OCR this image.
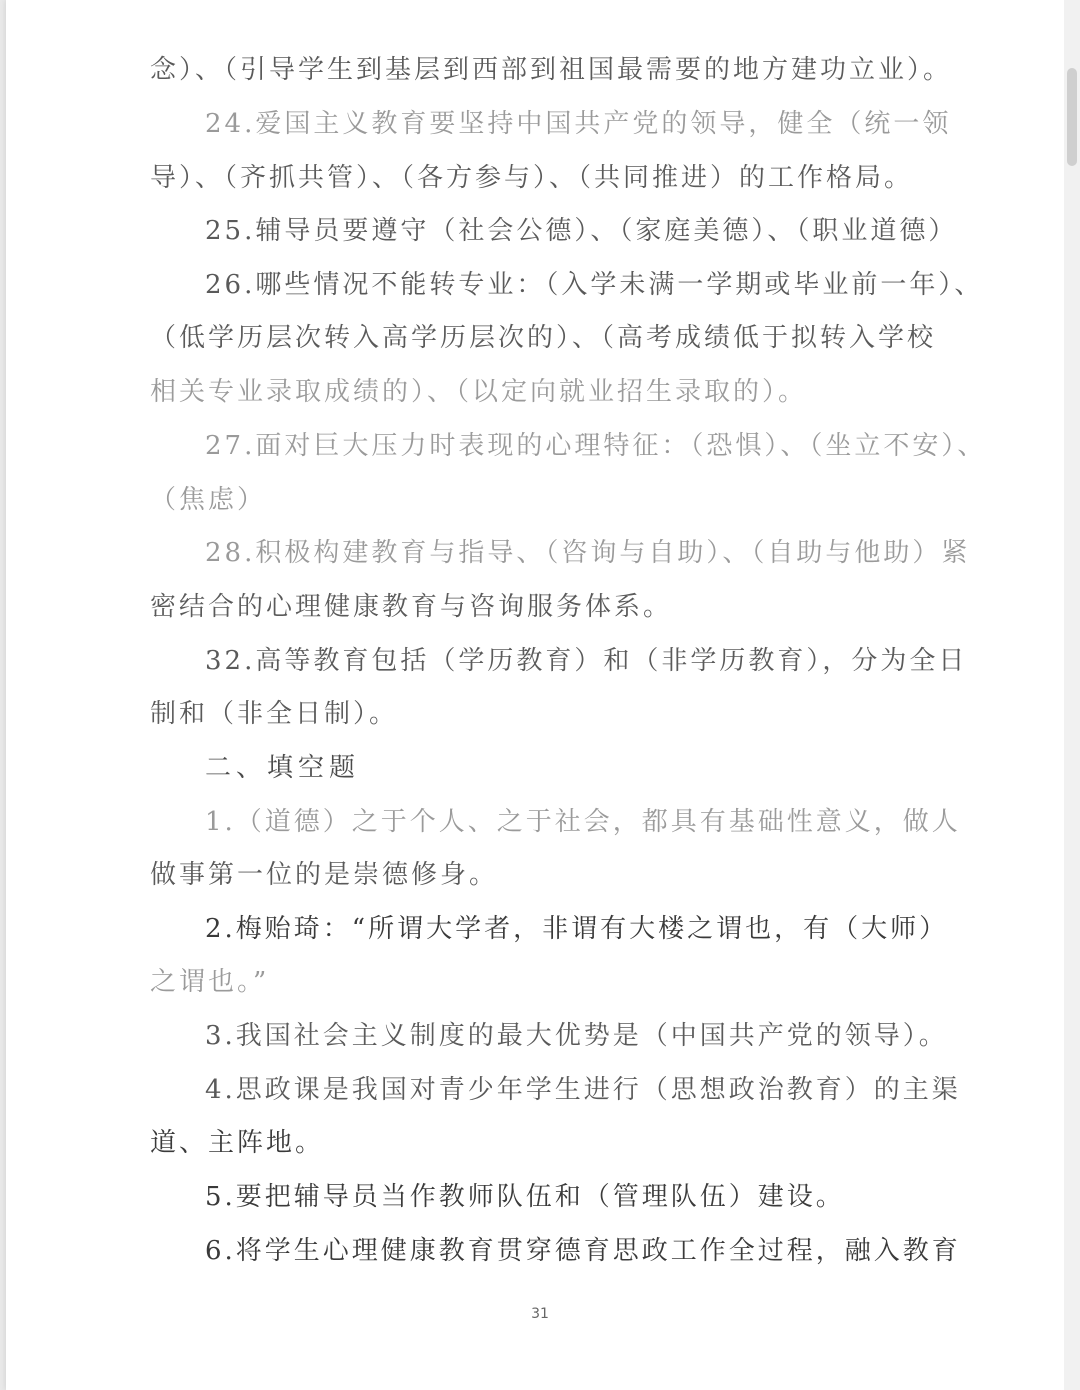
念）、（引导学生到基层到西部到祖国最需要的地方建功立业）。
24.爱国主义教育要坚持中国共产党的领导，健全（统一领
导）、（齐抓共管）、（各方参与）、（共同推进）的工作格局。
25.辅导员要遵守（社会公德）、（家庭美德）、（职业道德）
26.哪些情况不能转专业：（入学未满一学期或毕业前一年）、
（低学历层次转入高学历层次的）、（高考成绩低于拟转入学校
相关专业录取成绩的）、（以定向就业招生录取的）。
27.面对巨大压力时表现的心理特征：（恐惧）、（坐立不安）、
（焦虑）
28.积极构建教育与指导、（咨询与自助）、（自助与他助）紧
密结合的心理健康教育与咨询服务体系。
32.高等教育包括（学历教育）和（非学历教育），分为全日
制和（非全日制）。
二、填空题
1.（道德）之于个人、之于社会，都具有基础性意义，做人
做事第一位的是崇德修身。
2.梅贻琦：“所谓大学者，非谓有大楼之谓也，有（大师）
之谓也。”
3.我国社会主义制度的最大优势是（中国共产党的领导）。
4.思政课是我国对青少年学生进行（思想政治教育）的主渠
道、主阵地。
5.要把辅导员当作教师队伍和（管理队伍）建设。
6.将学生心理健康教育贯穿德育思政工作全过程，融入教育
31
